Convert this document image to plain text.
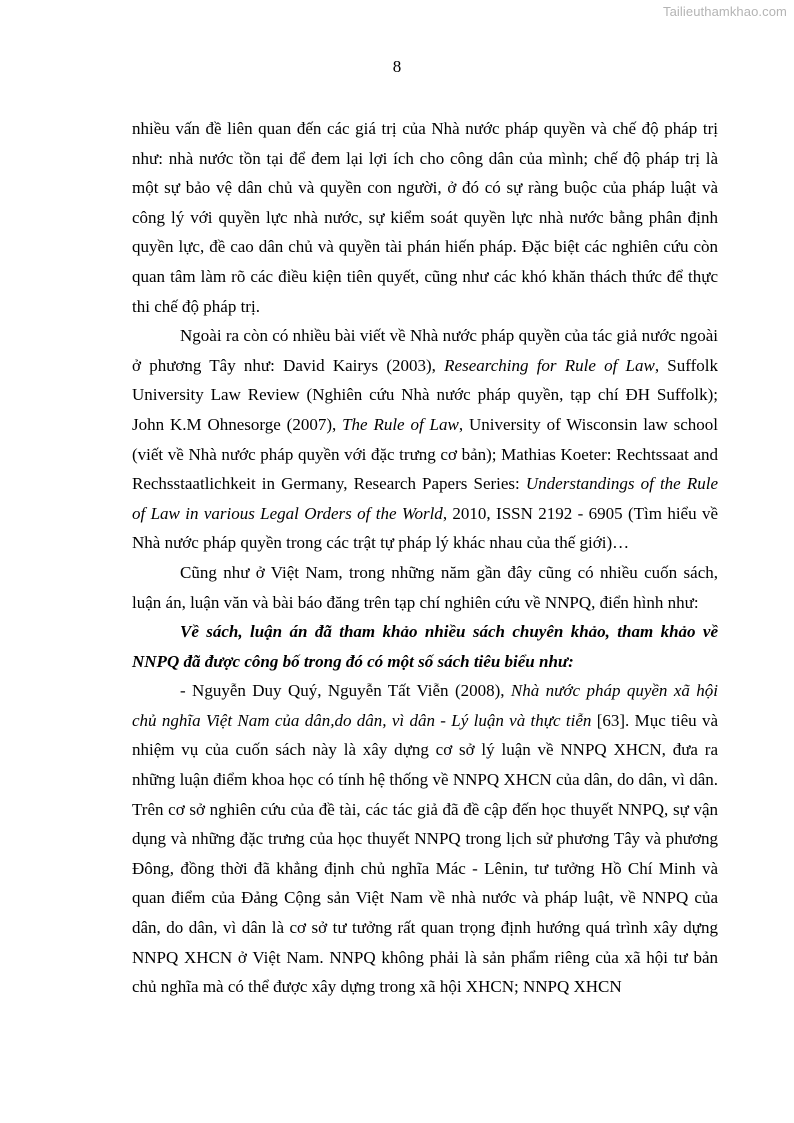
Tailieuthamkhao.com
8

nhiều vấn đề liên quan đến các giá trị của Nhà nước pháp quyền và chế độ pháp trị như: nhà nước tồn tại để đem lại lợi ích cho công dân của mình; chế độ pháp trị là một sự bảo vệ dân chủ và quyền con người, ở đó có sự ràng buộc của pháp luật và công lý với quyền lực nhà nước, sự kiểm soát quyền lực nhà nước bằng phân định quyền lực, đề cao dân chủ và quyền tài phán hiến pháp. Đặc biệt các nghiên cứu còn quan tâm làm rõ các điều kiện tiên quyết, cũng như các khó khăn thách thức để thực thi chế độ pháp trị.

Ngoài ra còn có nhiều bài viết về Nhà nước pháp quyền của tác giả nước ngoài ở phương Tây như: David Kairys (2003), Researching for Rule of Law, Suffolk University Law Review (Nghiên cứu Nhà nước pháp quyền, tạp chí ĐH Suffolk); John K.M Ohnesorge (2007), The Rule of Law, University of Wisconsin law school (viết về Nhà nước pháp quyền với đặc trưng cơ bản); Mathias Koeter: Rechtssaat and Rechsstaatlichkeit in Germany, Research Papers Series: Understandings of the Rule of Law in various Legal Orders of the World, 2010, ISSN 2192 - 6905 (Tìm hiểu về Nhà nước pháp quyền trong các trật tự pháp lý khác nhau của thế giới)…

Cũng như ở Việt Nam, trong những năm gần đây cũng có nhiều cuốn sách, luận án, luận văn và bài báo đăng trên tạp chí nghiên cứu về NNPQ, điển hình như:

Về sách, luận án đã tham khảo nhiều sách chuyên khảo, tham khảo về NNPQ đã được công bố trong đó có một số sách tiêu biểu như:

- Nguyễn Duy Quý, Nguyễn Tất Viễn (2008), Nhà nước pháp quyền xã hội chủ nghĩa Việt Nam của dân,do dân, vì dân - Lý luận và thực tiễn [63]. Mục tiêu và nhiệm vụ của cuốn sách này là xây dựng cơ sở lý luận về NNPQ XHCN, đưa ra những luận điểm khoa học có tính hệ thống về NNPQ XHCN của dân, do dân, vì dân. Trên cơ sở nghiên cứu của đề tài, các tác giả đã đề cập đến học thuyết NNPQ, sự vận dụng và những đặc trưng của học thuyết NNPQ trong lịch sử phương Tây và phương Đông, đồng thời đã khẳng định chủ nghĩa Mác - Lênin, tư tưởng Hồ Chí Minh và quan điểm của Đảng Cộng sản Việt Nam về nhà nước và pháp luật, về NNPQ của dân, do dân, vì dân là cơ sở tư tưởng rất quan trọng định hướng quá trình xây dựng NNPQ XHCN ở Việt Nam. NNPQ không phải là sản phẩm riêng của xã hội tư bản chủ nghĩa mà có thể được xây dựng trong xã hội XHCN; NNPQ XHCN
